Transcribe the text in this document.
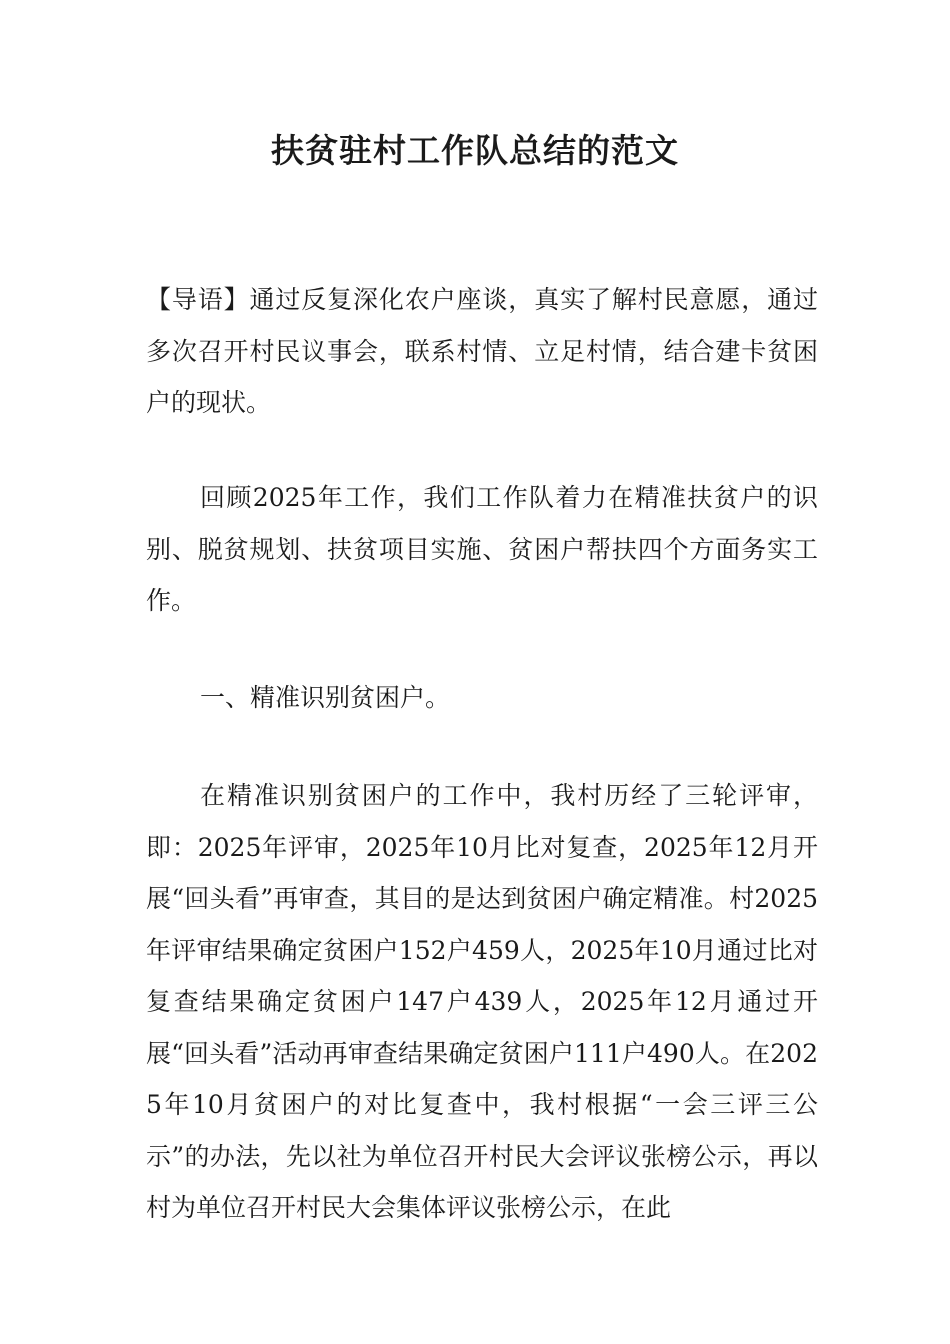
扶贫驻村工作队总结的范文

【导语】通过反复深化农户座谈，真实了解村民意愿，通过多次召开村民议事会，联系村情、立足村情，结合建卡贫困户的现状。

回顾2025年工作，我们工作队着力在精准扶贫户的识别、脱贫规划、扶贫项目实施、贫困户帮扶四个方面务实工作。

一、精准识别贫困户。

在精准识别贫困户的工作中，我村历经了三轮评审，即：2025年评审，2025年10月比对复查，2025年12月开展“回头看”再审查，其目的是达到贫困户确定精准。村2025年评审结果确定贫困户152户459人，2025年10月通过比对复查结果确定贫困户147户439人，2025年12月通过开展“回头看”活动再审查结果确定贫困户111户490人。在2025年10月贫困户的对比复查中，我村根据“一会三评三公示”的办法，先以社为单位召开村民大会评议张榜公示，再以村为单位召开村民大会集体评议张榜公示，在此
